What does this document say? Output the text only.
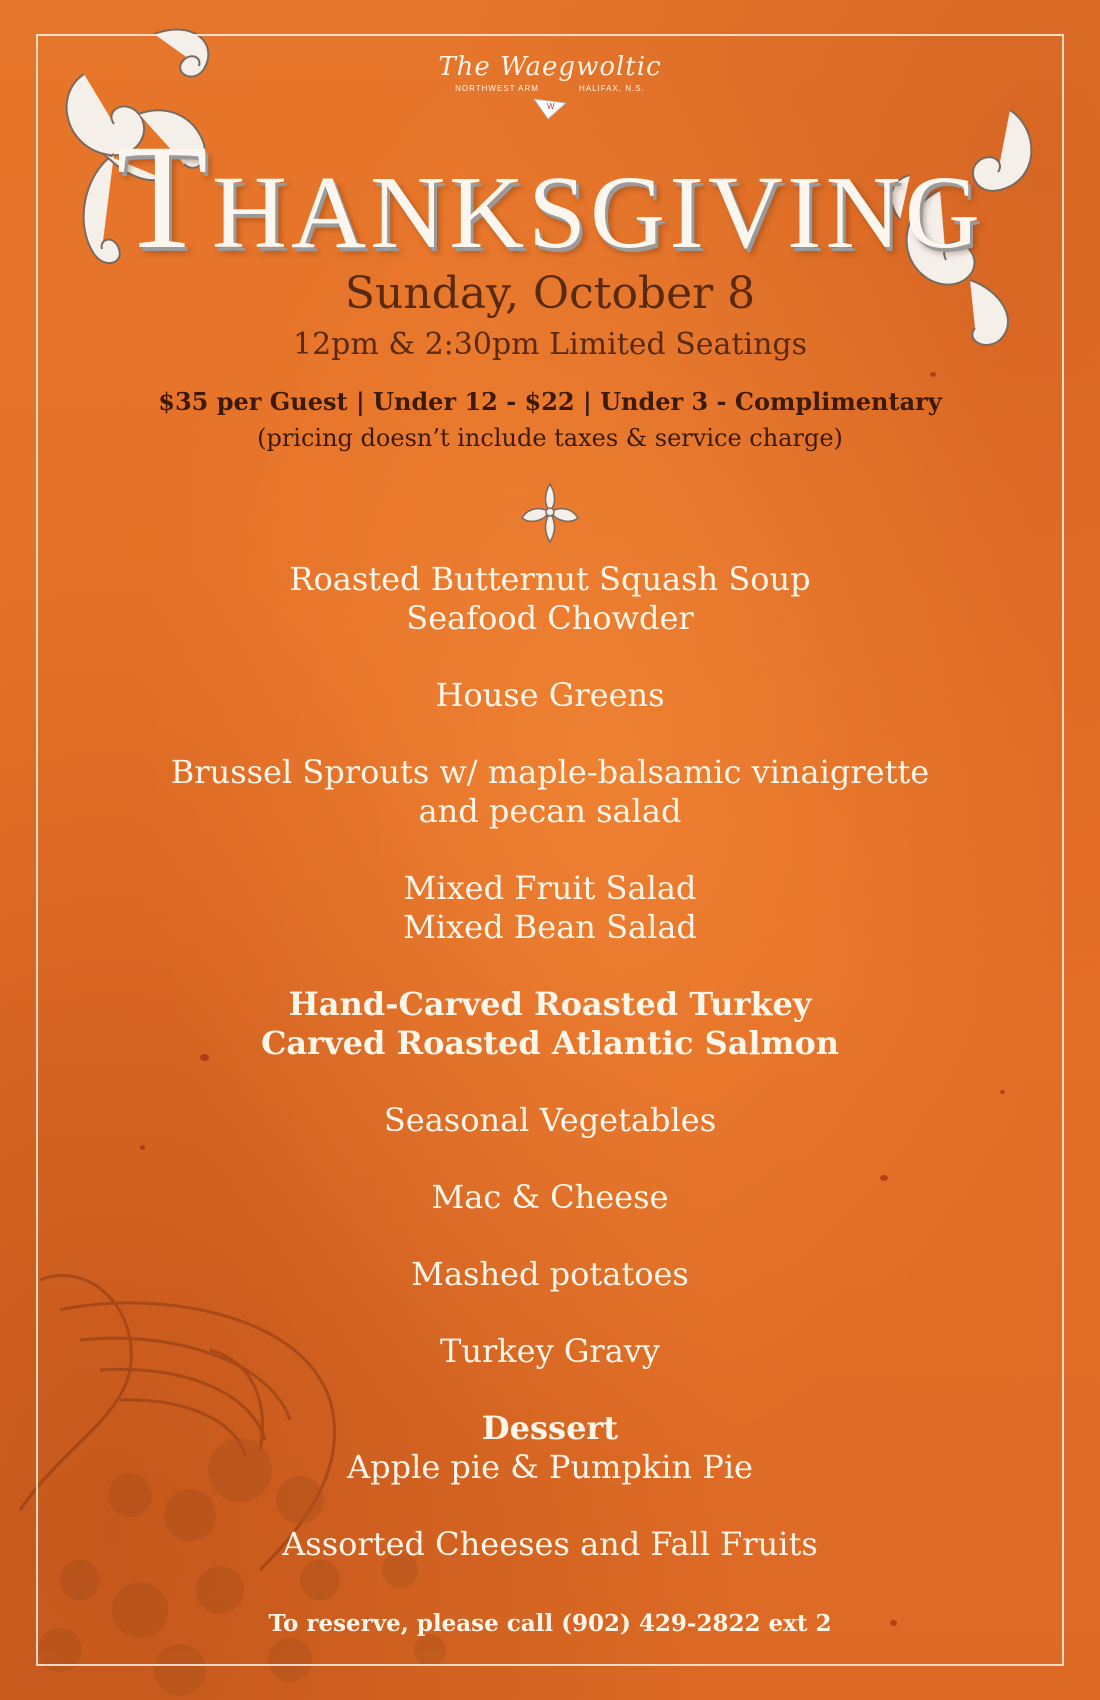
The Waegwoltic
NORTHWEST ARM	HALIFAX, N.S.
W
THANKSGIVING
Sunday, October 8
12pm & 2:30pm Limited Seatings
$35 per Guest | Under 12 - $22 | Under 3 - Complimentary
(pricing doesn’t include taxes & service charge)
Roasted Butternut Squash Soup
Seafood Chowder
House Greens
Brussel Sprouts w/ maple-balsamic vinaigrette
and pecan salad
Mixed Fruit Salad
Mixed Bean Salad
Hand-Carved Roasted Turkey
Carved Roasted Atlantic Salmon
Seasonal Vegetables
Mac & Cheese
Mashed potatoes
Turkey Gravy
Dessert
Apple pie & Pumpkin Pie
Assorted Cheeses and Fall Fruits
To reserve, please call (902) 429-2822 ext 2
